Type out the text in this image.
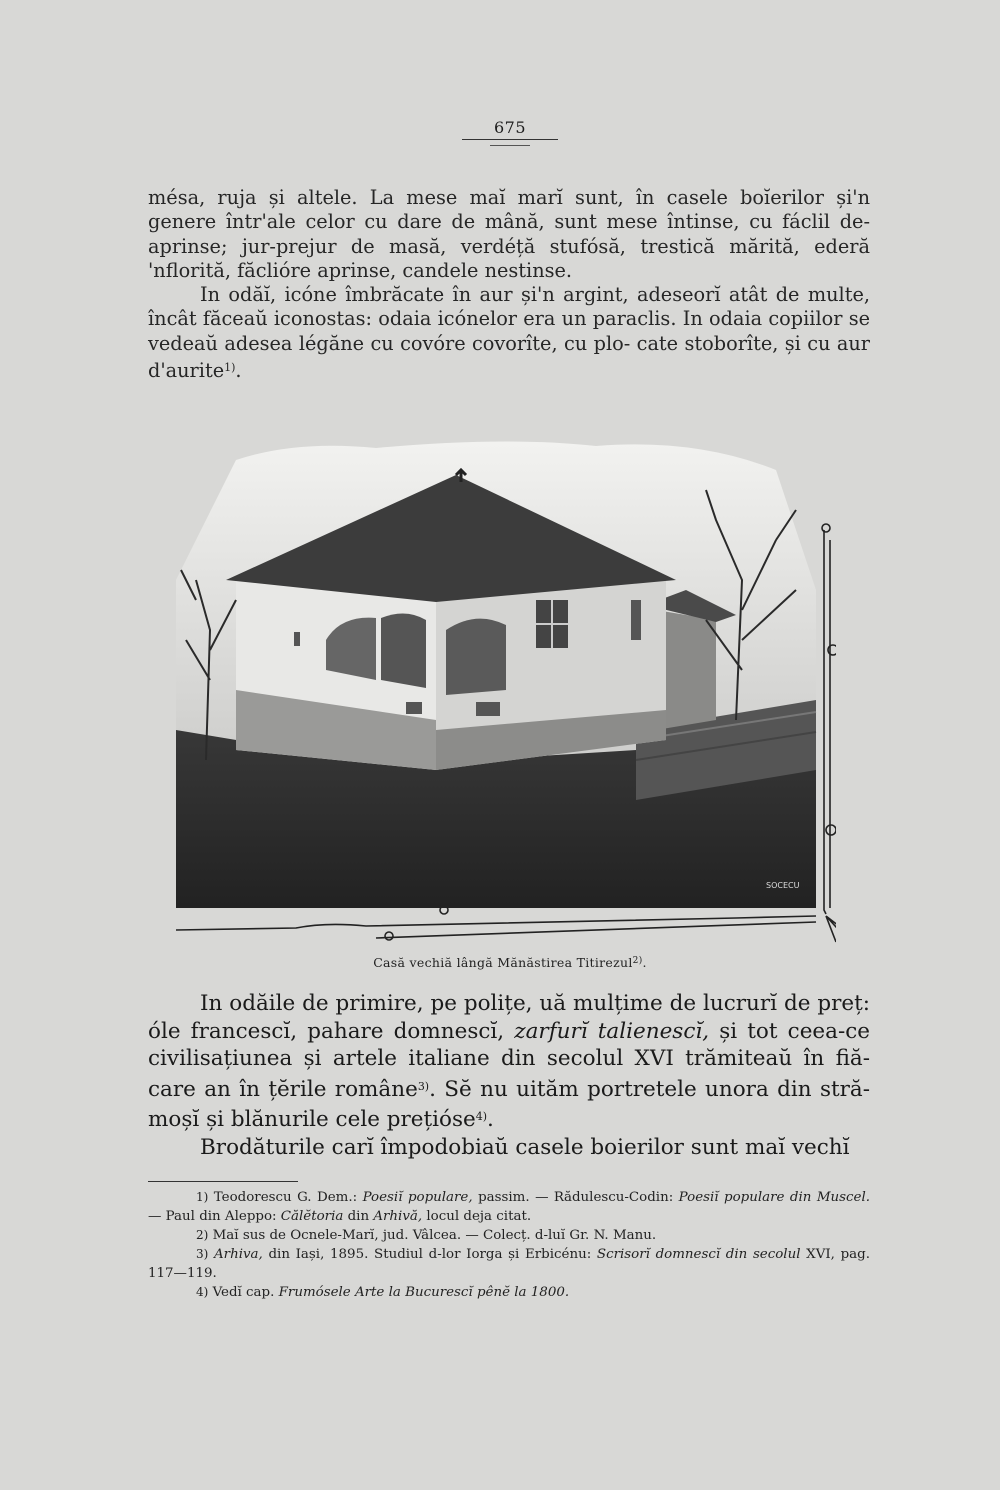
675

mésa, ruja și altele. La mese maĭ marĭ sunt, în casele boĭerilor și'n genere într'ale celor cu dare de mână, sunt mese întinse, cu fáclil de-aprinse; jur-prejur de masă, verdéță stufósă, trestică mărită, ederă 'nflorită, făclióre aprinse, candele nestinse.

In odăĭ, icóne îmbrăcate în aur și'n argint, adeseorĭ atât de multe, încât făceaŭ iconostas: odaia icónelor era un paraclis. In odaia copiilor se vedeaŭ adesea légăne cu covóre covorîte, cu plo- cate stoborîte, și cu aur d'aurite$^{1)}$.

SOCECU
Casă vechiă lângă Mănăstirea Titirezul$^{2)}$.

In odăile de primire, pe polițe, uă mulțime de lucrurĭ de preț: óle francescĭ, pahare domnescĭ, zarfurĭ talienescĭ, și tot ceea-ce civilisațiunea și artele italiane din secolul XVI trămiteaŭ în fiă-care an în țĕrile române$^{3)}$. Sĕ nu uităm portretele unora din stră-moșĭ și blănurile cele prețióse$^{4)}$.

Brodăturile carĭ împodobiaŭ casele boierilor sunt maĭ vechĭ

1) Teodorescu G. Dem.: Poesiĭ populare, passim. — Rădulescu-Codin: Poesiĭ populare din Muscel. — Paul din Aleppo: Călĕtoria din Arhivă, locul deja citat.

2) Maĭ sus de Ocnele-Marĭ, jud. Vâlcea. — Colecț. d-luĭ Gr. N. Manu.

3) Arhiva, din Iași, 1895. Studiul d-lor Iorga și Erbicénu: Scrisorĭ domnescĭ din secolul XVI, pag. 117—119.

4) Vedĭ cap. Frumósele Arte la Bucurescĭ pênĕ la 1800.
